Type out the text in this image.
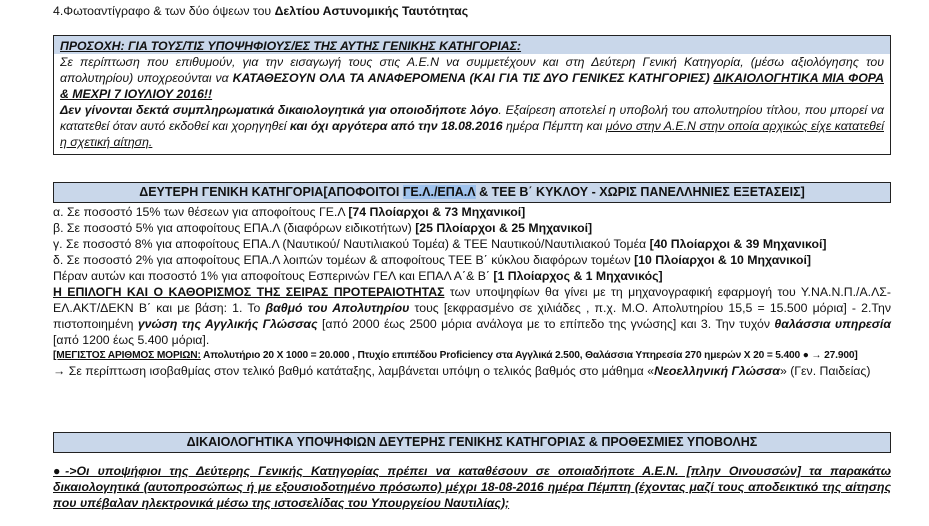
4.Φωτοαντίγραφο & των δύο όψεων του Δελτίου Αστυνομικής Ταυτότητας
ΠΡΟΣΟΧΗ: ΓΙΑ ΤΟΥΣ/ΤΙΣ ΥΠΟΨΗΦΙΟΥΣ/ΕΣ ΤΗΣ ΑΥΤΗΣ ΓΕΝΙΚΗΣ ΚΑΤΗΓΟΡΙΑΣ:

Σε περίπτωση που επιθυμούν, για την εισαγωγή τους στις Α.Ε.Ν να συμμετέχουν και στη Δεύτερη Γενική Κατηγορία, (μέσω αξιολόγησης του απολυτηρίου) υποχρεούνται να ΚΑΤΑΘΕΣΟΥΝ ΟΛΑ ΤΑ ΑΝΑΦΕΡΟΜΕΝΑ (ΚΑΙ ΓΙΑ ΤΙΣ ΔΥΟ ΓΕΝΙΚΕΣ ΚΑΤΗΓΟΡΙΕΣ) ΔΙΚΑΙΟΛΟΓΗΤΙΚΑ ΜΙΑ ΦΟΡΑ & ΜΕΧΡΙ 7 ΙΟΥΛΙΟΥ 2016!!

Δεν γίνονται δεκτά συμπληρωματικά δικαιολογητικά για οποιοδήποτε λόγο. Εξαίρεση αποτελεί η υποβολή του απολυτηρίου τίτλου, που μπορεί να κατατεθεί όταν αυτό εκδοθεί και χορηγηθεί και όχι αργότερα από την 18.08.2016 ημέρα Πέμπτη και μόνο στην Α.Ε.Ν στην οποία αρχικώς είχε κατατεθεί η σχετική αίτηση.

ΔΕΥΤΕΡΗ ΓΕΝΙΚΗ ΚΑΤΗΓΟΡΙΑ[ΑΠΟΦΟΙΤΟΙ ΓΕ.Λ./ΕΠΑ.Λ & ΤΕΕ Β΄ ΚΥΚΛΟΥ - ΧΩΡΙΣ ΠΑΝΕΛΛΗΝΙΕΣ ΕΞΕΤΑΣΕΙΣ]

α. Σε ποσοστό 15% των θέσεων για αποφοίτους ΓΕ.Λ [74 Πλοίαρχοι & 73 Μηχανικοί]

β. Σε ποσοστό 5% για αποφοίτους ΕΠΑ.Λ (διαφόρων ειδικοτήτων) [25 Πλοίαρχοι & 25 Μηχανικοί]

γ. Σε ποσοστό 8% για αποφοίτους ΕΠΑ.Λ (Ναυτικού/ Ναυτιλιακού Τομέα) & ΤΕΕ Ναυτικού/Ναυτιλιακού Τομέα [40 Πλοίαρχοι & 39 Μηχανικοί]

δ. Σε ποσοστό 2% για αποφοίτους ΕΠΑ.Λ λοιπών τομέων & αποφοίτους ΤΕΕ Β΄ κύκλου διαφόρων τομέων [10 Πλοίαρχοι & 10 Μηχανικοί]

Πέραν αυτών και ποσοστό 1% για αποφοίτους Εσπερινών ΓΕΛ και ΕΠΑΛ Α΄& Β΄ [1 Πλοίαρχος & 1 Μηχανικός]

Η ΕΠΙΛΟΓΗ ΚΑΙ Ο ΚΑΘΟΡΙΣΜΟΣ ΤΗΣ ΣΕΙΡΑΣ ΠΡΟΤΕΡΑΙΟΤΗΤΑΣ των υποψηφίων θα γίνει με τη μηχανογραφική εφαρμογή του Υ.ΝΑ.Ν.Π./Α.ΛΣ-ΕΛ.ΑΚΤ/ΔΕΚΝ Β΄ και με βάση: 1. Το βαθμό του Απολυτηρίου τους [εκφρασμένο σε χιλιάδες , π.χ. Μ.Ο. Απολυτηρίου 15,5 = 15.500 μόρια] - 2.Την πιστοποιημένη γνώση της Αγγλικής Γλώσσας [από 2000 έως 2500 μόρια ανάλογα με το επίπεδο της γνώσης] και 3. Την τυχόν θαλάσσια υπηρεσία [από 1200 έως 5.400 μόρια].

[ΜΕΓΙΣΤΟΣ ΑΡΙΘΜΟΣ ΜΟΡΙΩΝ: Απολυτήριο 20 Χ 1000 = 20.000 , Πτυχίο επιπέδου Proficiency στα Αγγλικά 2.500, Θαλάσσια Υπηρεσία 270 ημερών Χ 20 = 5.400 ● → 27.900]

→ Σε περίπτωση ισοβαθμίας στον τελικό βαθμό κατάταξης, λαμβάνεται υπόψη ο τελικός βαθμός στο μάθημα «Νεοελληνική Γλώσσα» (Γεν. Παιδείας)

ΔΙΚΑΙΟΛΟΓΗΤΙΚΑ ΥΠΟΨΗΦΙΩΝ ΔΕΥΤΕΡΗΣ ΓΕΝΙΚΗΣ ΚΑΤΗΓΟΡΙΑΣ & ΠΡΟΘΕΣΜΙΕΣ ΥΠΟΒΟΛΗΣ

●->Οι υποψήφιοι της Δεύτερης Γενικής Κατηγορίας πρέπει να καταθέσουν σε οποιαδήποτε Α.Ε.Ν. [πλην Οινουσσών] τα παρακάτω δικαιολογητικά (αυτοπροσώπως ή με εξουσιοδοτημένο πρόσωπο) μέχρι 18-08-2016 ημέρα Πέμπτη (έχοντας μαζί τους αποδεικτικό της αίτησης που υπέβαλαν ηλεκτρονικά μέσω της ιστοσελίδας του Υπουργείου Ναυτιλίας);
